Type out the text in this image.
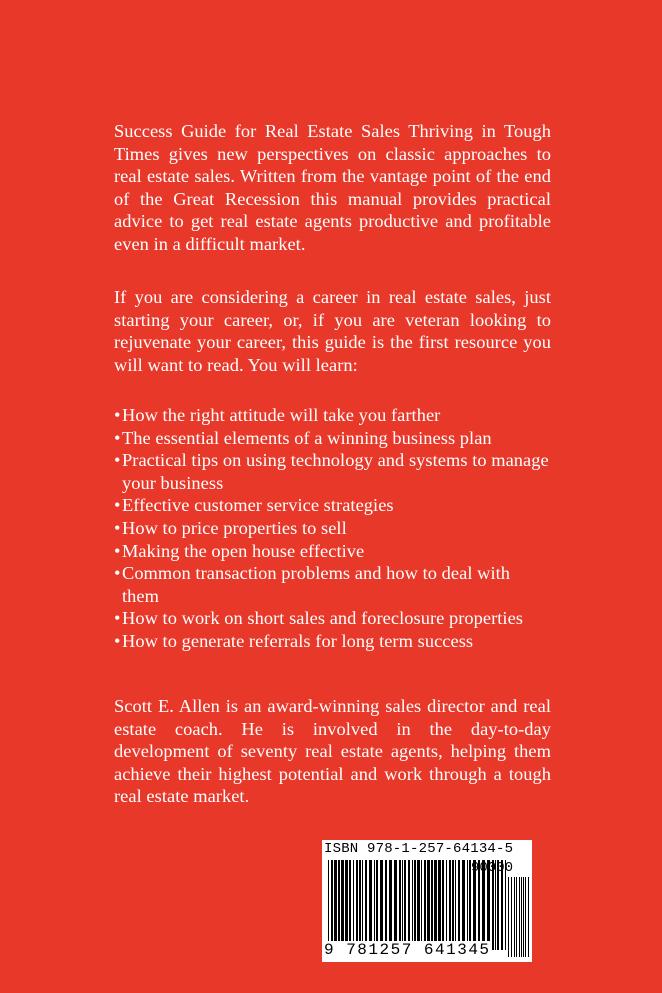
Success Guide for Real Estate Sales Thriving in Tough Times gives new perspectives on classic approaches to real estate sales. Written from the vantage point of the end of the Great Recession this manual provides practical advice to get real estate agents productive and profitable even in a difficult market.

If you are considering a career in real estate sales, just starting your career, or, if you are veteran looking to rejuvenate your career, this guide is the first resource you will want to read. You will learn:

• How the right attitude will take you farther
• The essential elements of a winning business plan
• Practical tips on using technology and systems to manage your business
• Effective customer service strategies
• How to price properties to sell
• Making the open house effective
• Common transaction problems and how to deal with them
• How to work on short sales and foreclosure properties
• How to generate referrals for long term success

Scott E. Allen is an award-winning sales director and real estate coach. He is involved in the day-to-day development of seventy real estate agents, helping them achieve their highest potential and work through a tough real estate market.

ISBN 978-1-257-64134-5
90000
9 781257 641345
